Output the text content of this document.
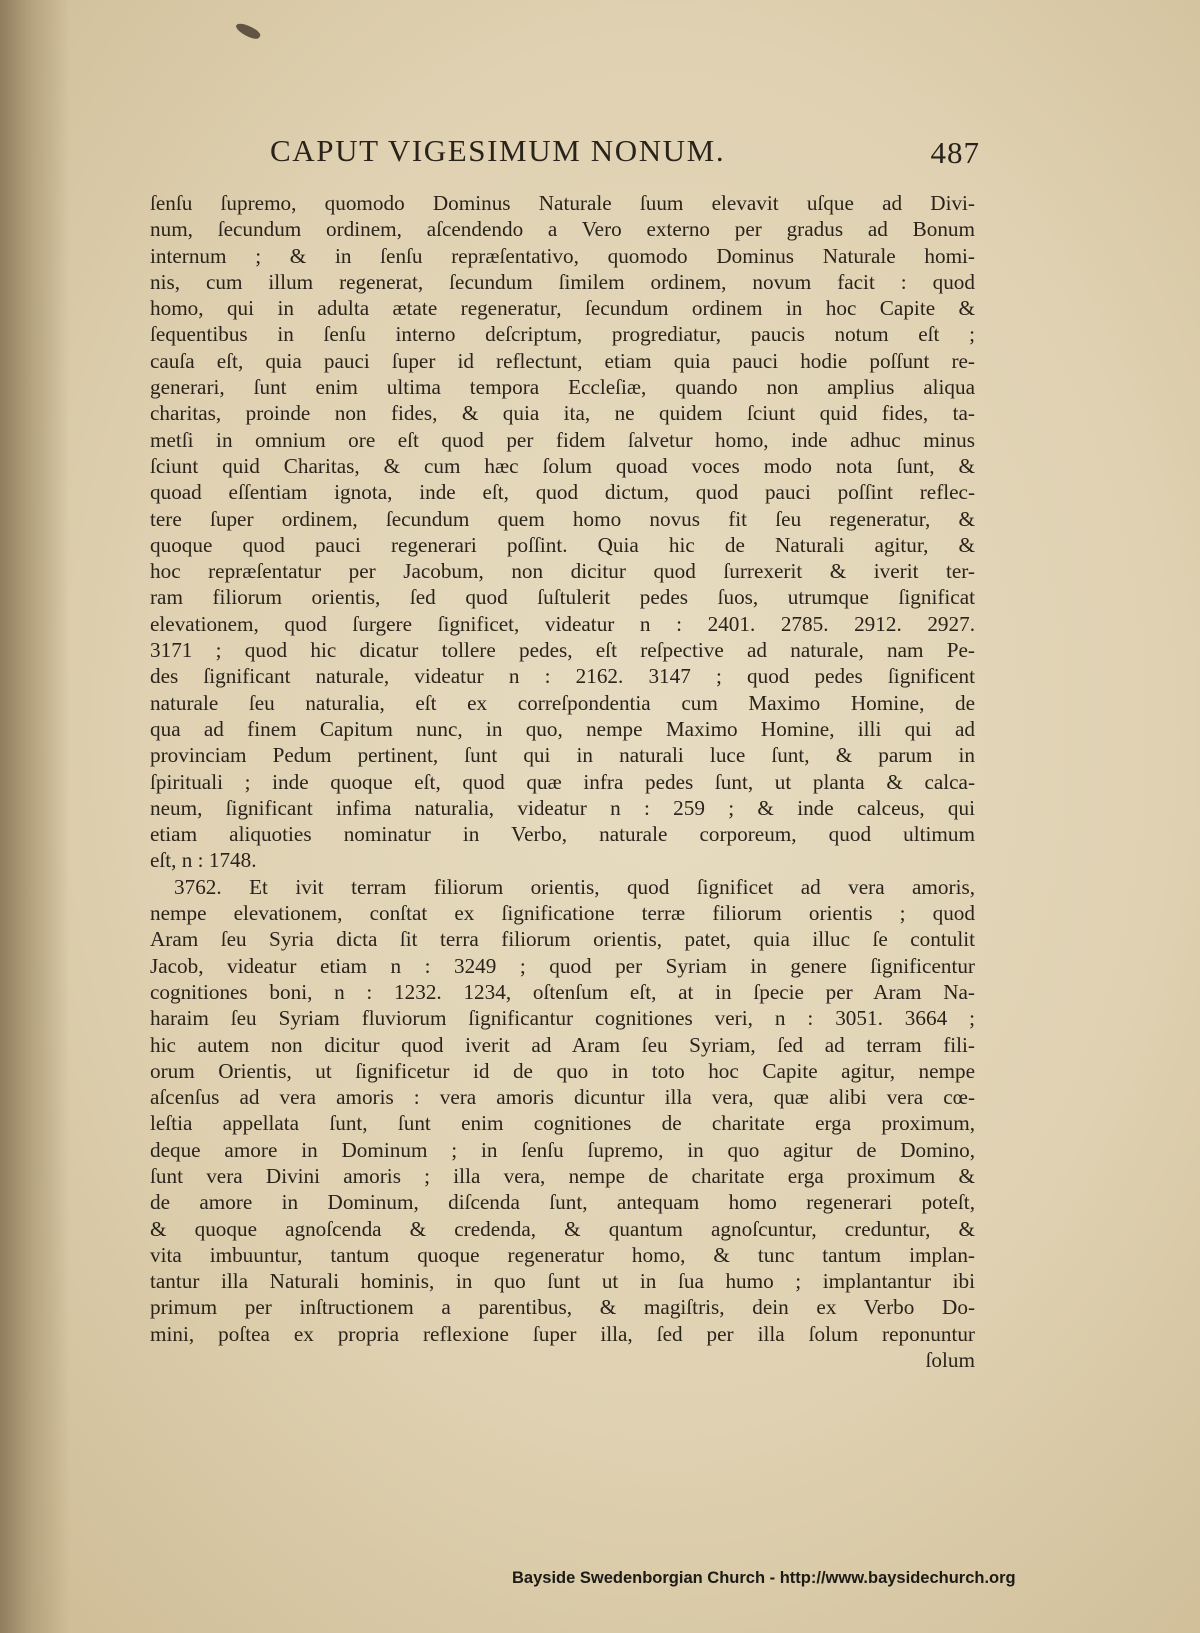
CAPUT VIGESIMUM NONUM.	487
ſenſu ſupremo, quomodo Dominus Naturale ſuum elevavit uſque ad Divi-
num, ſecundum ordinem, aſcendendo a Vero externo per gradus ad Bonum
internum ; & in ſenſu repræſentativo, quomodo Dominus Naturale homi-
nis, cum illum regenerat, ſecundum ſimilem ordinem, novum facit : quod
homo, qui in adulta ætate regeneratur, ſecundum ordinem in hoc Capite &
ſequentibus in ſenſu interno deſcriptum, progrediatur, paucis notum eſt ;
cauſa eſt, quia pauci ſuper id reflectunt, etiam quia pauci hodie poſſunt re-
generari, ſunt enim ultima tempora Eccleſiæ, quando non amplius aliqua
charitas, proinde non fides, & quia ita, ne quidem ſciunt quid fides, ta-
metſi in omnium ore eſt quod per fidem ſalvetur homo, inde adhuc minus
ſciunt quid Charitas, & cum hæc ſolum quoad voces modo nota ſunt, &
quoad eſſentiam ignota, inde eſt, quod dictum, quod pauci poſſint reflec-
tere ſuper ordinem, ſecundum quem homo novus fit ſeu regeneratur, &
quoque quod pauci regenerari poſſint. Quia hic de Naturali agitur, &
hoc repræſentatur per Jacobum, non dicitur quod ſurrexerit & iverit ter-
ram filiorum orientis, ſed quod ſuſtulerit pedes ſuos, utrumque ſignificat
elevationem, quod ſurgere ſignificet, videatur n : 2401. 2785. 2912. 2927.
3171 ; quod hic dicatur tollere pedes, eſt reſpective ad naturale, nam Pe-
des ſignificant naturale, videatur n : 2162. 3147 ; quod pedes ſignificent
naturale ſeu naturalia, eſt ex correſpondentia cum Maximo Homine, de
qua ad finem Capitum nunc, in quo, nempe Maximo Homine, illi qui ad
provinciam Pedum pertinent, ſunt qui in naturali luce ſunt, & parum in
ſpirituali ; inde quoque eſt, quod quæ infra pedes ſunt, ut planta & calca-
neum, ſignificant infima naturalia, videatur n : 259 ; & inde calceus, qui
etiam aliquoties nominatur in Verbo, naturale corporeum, quod ultimum
eſt, n : 1748.
3762. Et ivit terram filiorum orientis, quod ſignificet ad vera amoris,
nempe elevationem, conſtat ex ſignificatione terræ filiorum orientis ; quod
Aram ſeu Syria dicta ſit terra filiorum orientis, patet, quia illuc ſe contulit
Jacob, videatur etiam n : 3249 ; quod per Syriam in genere ſignificentur
cognitiones boni, n : 1232. 1234, oſtenſum eſt, at in ſpecie per Aram Na-
haraim ſeu Syriam fluviorum ſignificantur cognitiones veri, n : 3051. 3664 ;
hic autem non dicitur quod iverit ad Aram ſeu Syriam, ſed ad terram fili-
orum Orientis, ut ſignificetur id de quo in toto hoc Capite agitur, nempe
aſcenſus ad vera amoris : vera amoris dicuntur illa vera, quæ alibi vera cœ-
leſtia appellata ſunt, ſunt enim cognitiones de charitate erga proximum,
deque amore in Dominum ; in ſenſu ſupremo, in quo agitur de Domino,
ſunt vera Divini amoris ; illa vera, nempe de charitate erga proximum &
de amore in Dominum, diſcenda ſunt, antequam homo regenerari poteſt,
& quoque agnoſcenda & credenda, & quantum agnoſcuntur, creduntur, &
vita imbuuntur, tantum quoque regeneratur homo, & tunc tantum implan-
tantur illa Naturali hominis, in quo ſunt ut in ſua humo ; implantantur ibi
primum per inſtructionem a parentibus, & magiſtris, dein ex Verbo Do-
mini, poſtea ex propria reflexione ſuper illa, ſed per illa ſolum reponuntur
ſolum
Bayside Swedenborgian Church - http://www.baysidechurch.org
